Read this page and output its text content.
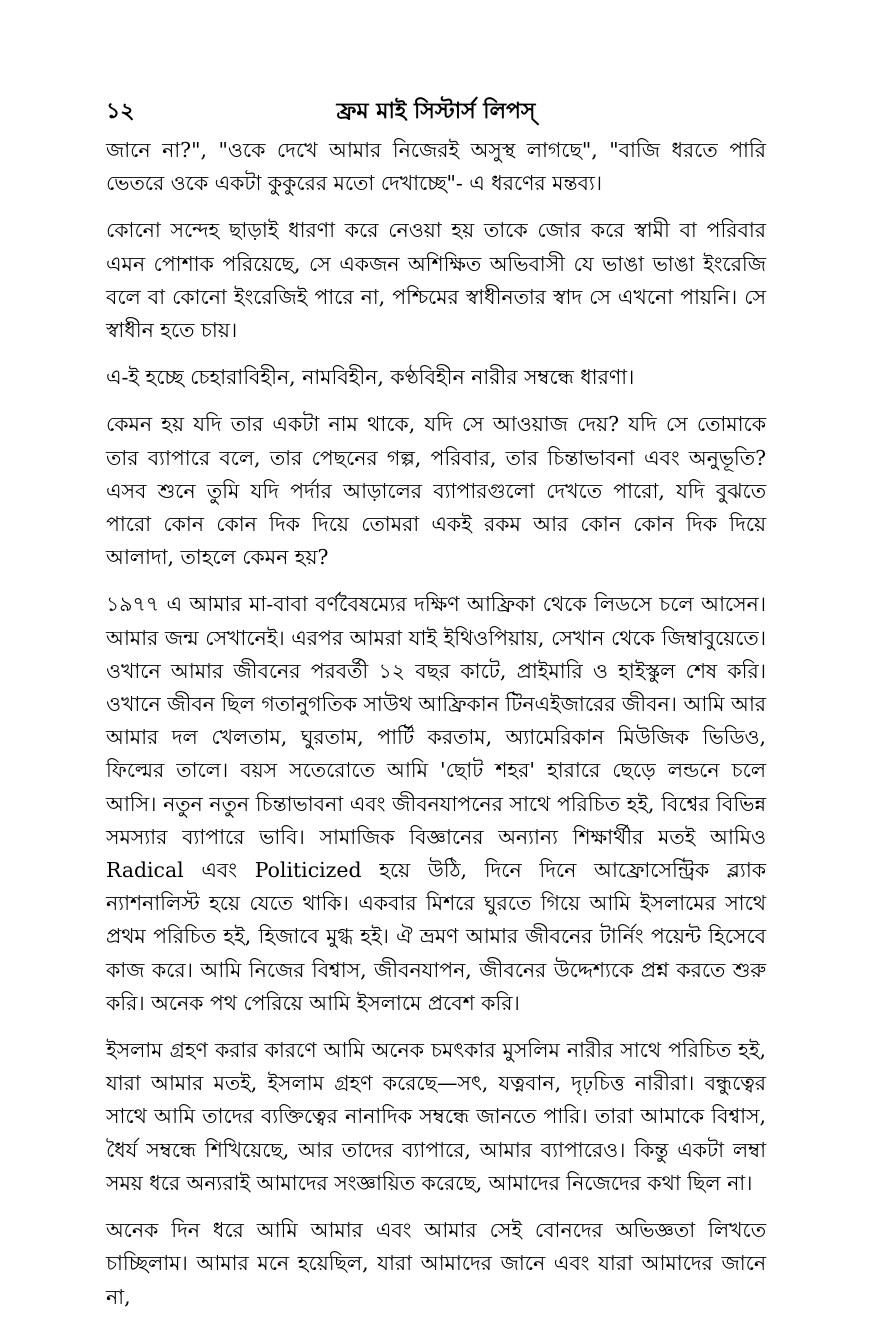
১২	ফ্রম মাই সিস্টার্স লিপস্

জানে না?", "ওকে দেখে আমার নিজেরই অসুস্থ লাগছে", "বাজি ধরতে পারি ভেতরে ওকে একটা কুকুরের মতো দেখাচ্ছে"- এ ধরণের মন্তব্য।

কোনো সন্দেহ ছাড়াই ধারণা করে নেওয়া হয় তাকে জোর করে স্বামী বা পরিবার এমন পোশাক পরিয়েছে, সে একজন অশিক্ষিত অভিবাসী যে ভাঙা ভাঙা ইংরেজি বলে বা কোনো ইংরেজিই পারে না, পশ্চিমের স্বাধীনতার স্বাদ সে এখনো পায়নি। সে স্বাধীন হতে চায়।

এ-ই হচ্ছে চেহারাবিহীন, নামবিহীন, কণ্ঠবিহীন নারীর সম্বন্ধে ধারণা।

কেমন হয় যদি তার একটা নাম থাকে, যদি সে আওয়াজ দেয়? যদি সে তোমাকে তার ব্যাপারে বলে, তার পেছনের গল্প, পরিবার, তার চিন্তাভাবনা এবং অনুভূতি? এসব শুনে তুমি যদি পর্দার আড়ালের ব্যাপারগুলো দেখতে পারো, যদি বুঝতে পারো কোন কোন দিক দিয়ে তোমরা একই রকম আর কোন কোন দিক দিয়ে আলাদা, তাহলে কেমন হয়?

১৯৭৭ এ আমার মা-বাবা বর্ণবৈষম্যের দক্ষিণ আফ্রিকা থেকে লিডসে চলে আসেন। আমার জন্ম সেখানেই। এরপর আমরা যাই ইথিওপিয়ায়, সেখান থেকে জিম্বাবুয়েতে। ওখানে আমার জীবনের পরবর্তী ১২ বছর কাটে, প্রাইমারি ও হাইস্কুল শেষ করি। ওখানে জীবন ছিল গতানুগতিক সাউথ আফ্রিকান টিনএইজারের জীবন। আমি আর আমার দল খেলতাম, ঘুরতাম, পার্টি করতাম, অ্যামেরিকান মিউজিক ভিডিও, ফিল্মের তালে। বয়স সতেরোতে আমি 'ছোট শহর' হারারে ছেড়ে লন্ডনে চলে আসি। নতুন নতুন চিন্তাভাবনা এবং জীবনযাপনের সাথে পরিচিত হই, বিশ্বের বিভিন্ন সমস্যার ব্যাপারে ভাবি। সামাজিক বিজ্ঞানের অন্যান্য শিক্ষার্থীর মতই আমিও Radical এবং Politicized হয়ে উঠি, দিনে দিনে আফ্রোসেন্ট্রিক ব্ল্যাক ন্যাশনালিস্ট হয়ে যেতে থাকি। একবার মিশরে ঘুরতে গিয়ে আমি ইসলামের সাথে প্রথম পরিচিত হই, হিজাবে মুগ্ধ হই। ঐ ভ্রমণ আমার জীবনের টার্নিং পয়েন্ট হিসেবে কাজ করে। আমি নিজের বিশ্বাস, জীবনযাপন, জীবনের উদ্দেশ্যকে প্রশ্ন করতে শুরু করি। অনেক পথ পেরিয়ে আমি ইসলামে প্রবেশ করি।

ইসলাম গ্রহণ করার কারণে আমি অনেক চমৎকার মুসলিম নারীর সাথে পরিচিত হই, যারা আমার মতই, ইসলাম গ্রহণ করেছে—সৎ, যত্নবান, দৃঢ়চিত্ত নারীরা। বন্ধুত্বের সাথে আমি তাদের ব্যক্তিত্বের নানাদিক সম্বন্ধে জানতে পারি। তারা আমাকে বিশ্বাস, ধৈর্য সম্বন্ধে শিখিয়েছে, আর তাদের ব্যাপারে, আমার ব্যাপারেও। কিন্তু একটা লম্বা সময় ধরে অন্যরাই আমাদের সংজ্ঞায়িত করেছে, আমাদের নিজেদের কথা ছিল না।

অনেক দিন ধরে আমি আমার এবং আমার সেই বোনদের অভিজ্ঞতা লিখতে চাচ্ছিলাম। আমার মনে হয়েছিল, যারা আমাদের জানে এবং যারা আমাদের জানে না,
